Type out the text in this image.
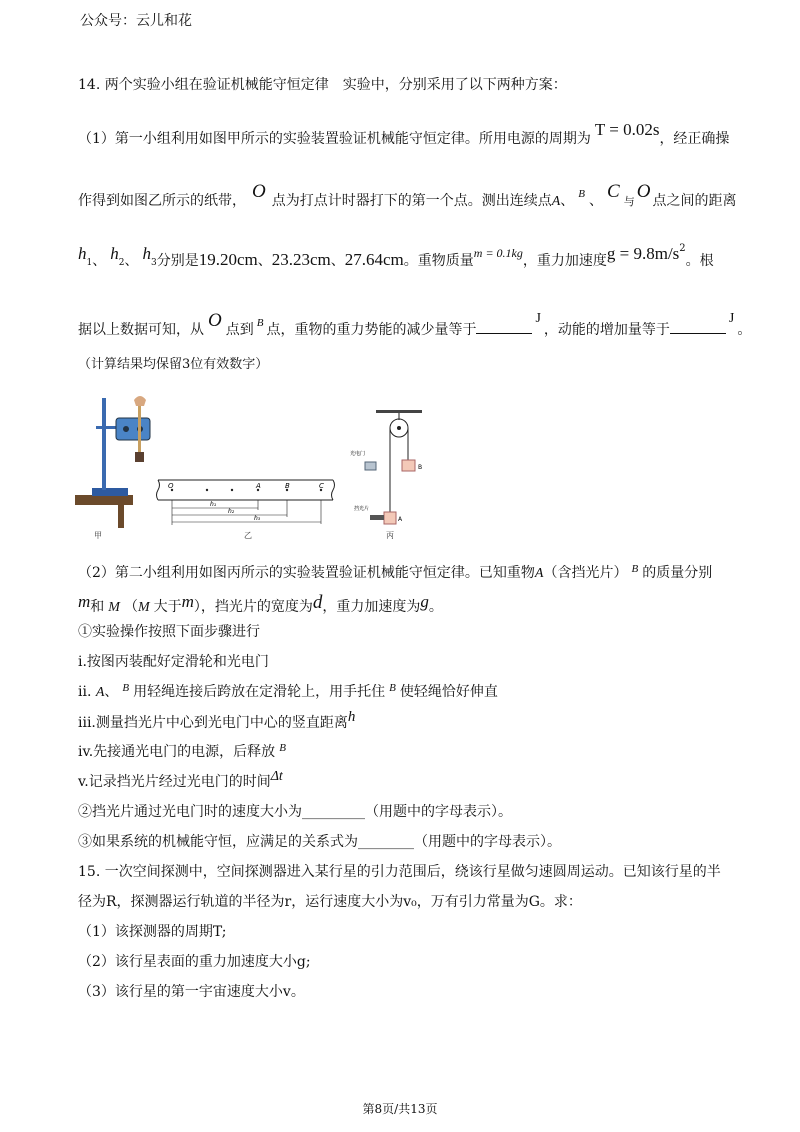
公众号：云儿和花
14. 两个实验小组在验证机械能守恒定律　实验中，分别采用了以下两种方案：
（1）第一小组利用如图甲所示的实验装置验证机械能守恒定律。所用电源的周期为 T = 0.02s，经正确操
作得到如图乙所示的纸带， O 点为打点计时器打下的第一个点。测出连续点A、 $^B$ 、 C 与 O 点之间的距离
h1、 h2、 h3分别是19.20cm、23.23cm、27.64cm。重物质量m = 0.1kg，重力加速度$g = 9.8m/s^2$。根
据以上数据可知，从 O 点到 $^B$ 点，重物的重力势能的减少量等于J，动能的增加量等于J。
（计算结果均保留3位有效数字）
甲
O	A	B	C
h₁
h₂
h₃
乙
B
光电门
A
挡光片
丙
（2）第二小组利用如图丙所示的实验装置验证机械能守恒定律。已知重物A（含挡光片） $^B$ 的质量分别
m和 M （M 大于m），挡光片的宽度为d，重力加速度为g。
①实验操作按照下面步骤进行
i.按图丙装配好定滑轮和光电门
ii. A、 $^B$ 用轻绳连接后跨放在定滑轮上，用手托住 $^B$ 使轻绳恰好伸直
iii.测量挡光片中心到光电门中心的竖直距离h
iv.先接通光电门的电源，后释放 $^B$
v.记录挡光片经过光电门的时间Δt
②挡光片通过光电门时的速度大小为_________（用题中的字母表示）。
③如果系统的机械能守恒，应满足的关系式为________（用题中的字母表示）。
15. 一次空间探测中，空间探测器进入某行星的引力范围后，绕该行星做匀速圆周运动。已知该行星的半
径为R，探测器运行轨道的半径为r，运行速度大小为v₀，万有引力常量为G。求：
（1）该探测器的周期T;
（2）该行星表面的重力加速度大小g;
（3）该行星的第一宇宙速度大小v。
第8页/共13页
